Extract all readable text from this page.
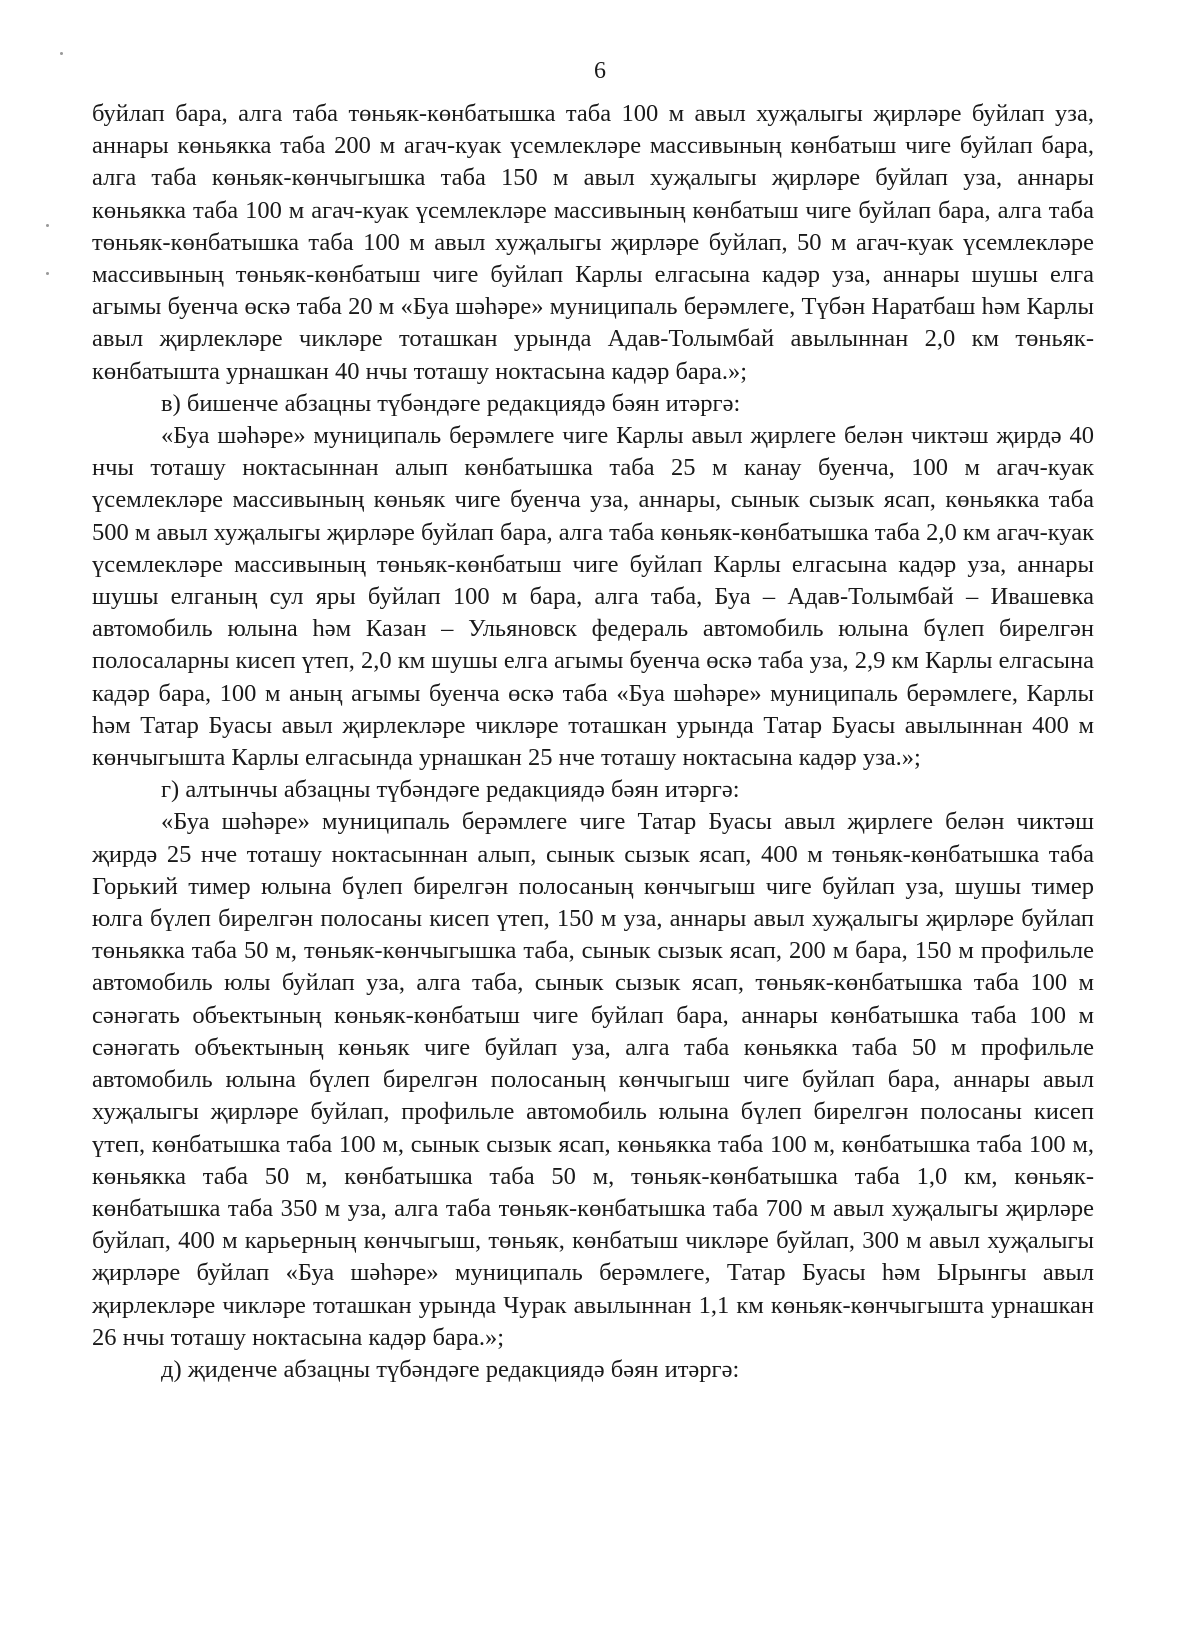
6

буйлап бара, алга таба төньяк-көнбатышка таба 100 м авыл хуҗалыгы җирләре буйлап уза, аннары көньякка таба 200 м агач-куак үсемлекләре массивының көнбатыш чиге буйлап бара, алга таба көньяк-көнчыгышка таба 150 м авыл хуҗалыгы җирләре буйлап уза, аннары көньякка таба 100 м агач-куак үсемлекләре массивының көнбатыш чиге буйлап бара, алга таба төньяк-көнбатышка таба 100 м авыл хуҗалыгы җирләре буйлап, 50 м агач-куак үсемлекләре массивының төньяк-көнбатыш чиге буйлап Карлы елгасына кадәр уза, аннары шушы елга агымы буенча өскә таба 20 м «Буа шәһәре» муниципаль берәмлеге, Түбән Наратбаш һәм Карлы авыл җирлекләре чикләре тоташкан урында Адав-Толымбай авылыннан 2,0 км төньяк-көнбатышта урнашкан 40 нчы тоташу ноктасына кадәр бара.»;

в) бишенче абзацны түбәндәге редакциядә бәян итәргә:

«Буа шәһәре» муниципаль берәмлеге чиге Карлы авыл җирлеге белән чиктәш җирдә 40 нчы тоташу ноктасыннан алып көнбатышка таба 25 м канау буенча, 100 м агач-куак үсемлекләре массивының көньяк чиге буенча уза, аннары, сынык сызык ясап, көньякка таба 500 м авыл хуҗалыгы җирләре буйлап бара, алга таба көньяк-көнбатышка таба 2,0 км агач-куак үсемлекләре массивының төньяк-көнбатыш чиге буйлап Карлы елгасына кадәр уза, аннары шушы елганың сул яры буйлап 100 м бара, алга таба, Буа – Адав-Толымбай – Ивашевка автомобиль юлына һәм Казан – Ульяновск федераль автомобиль юлына бүлеп бирелгән полосаларны кисеп үтеп, 2,0 км шушы елга агымы буенча өскә таба уза, 2,9 км Карлы елгасына кадәр бара, 100 м аның агымы буенча өскә таба «Буа шәһәре» муниципаль берәмлеге, Карлы һәм Татар Буасы авыл җирлекләре чикләре тоташкан урында Татар Буасы авылыннан 400 м көнчыгышта Карлы елгасында урнашкан 25 нче тоташу ноктасына кадәр уза.»;

г) алтынчы абзацны түбәндәге редакциядә бәян итәргә:

«Буа шәһәре» муниципаль берәмлеге чиге Татар Буасы авыл җирлеге белән чиктәш җирдә 25 нче тоташу ноктасыннан алып, сынык сызык ясап, 400 м төньяк-көнбатышка таба Горький тимер юлына бүлеп бирелгән полосаның көнчыгыш чиге буйлап уза, шушы тимер юлга бүлеп бирелгән полосаны кисеп үтеп, 150 м уза, аннары авыл хуҗалыгы җирләре буйлап төньякка таба 50 м, төньяк-көнчыгышка таба, сынык сызык ясап, 200 м бара, 150 м профильле автомобиль юлы буйлап уза, алга таба, сынык сызык ясап, төньяк-көнбатышка таба 100 м сәнәгать объектының көньяк-көнбатыш чиге буйлап бара, аннары көнбатышка таба 100 м сәнәгать объектының көньяк чиге буйлап уза, алга таба көньякка таба 50 м профильле автомобиль юлына бүлеп бирелгән полосаның көнчыгыш чиге буйлап бара, аннары авыл хуҗалыгы җирләре буйлап, профильле автомобиль юлына бүлеп бирелгән полосаны кисеп үтеп, көнбатышка таба 100 м, сынык сызык ясап, көньякка таба 100 м, көнбатышка таба 100 м, көньякка таба 50 м, көнбатышка таба 50 м, төньяк-көнбатышка таба 1,0 км, көньяк-көнбатышка таба 350 м уза, алга таба төньяк-көнбатышка таба 700 м авыл хуҗалыгы җирләре буйлап, 400 м карьерның көнчыгыш, төньяк, көнбатыш чикләре буйлап, 300 м авыл хуҗалыгы җирләре буйлап «Буа шәһәре» муниципаль берәмлеге, Татар Буасы һәм Ырынгы авыл җирлекләре чикләре тоташкан урында Чурак авылыннан 1,1 км көньяк-көнчыгышта урнашкан 26 нчы тоташу ноктасына кадәр бара.»;

д) җиденче абзацны түбәндәге редакциядә бәян итәргә:
